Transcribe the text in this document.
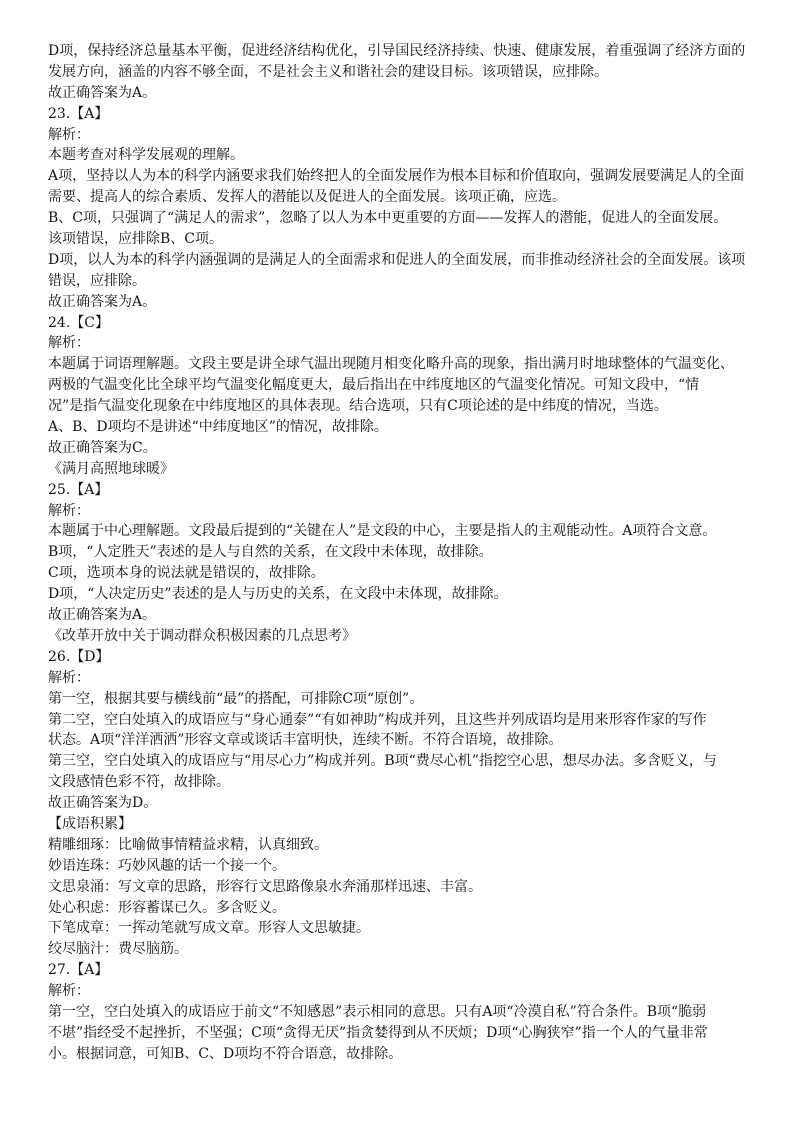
D项，保持经济总量基本平衡，促进经济结构优化，引导国民经济持续、快速、健康发展，着重强调了经济方面的
发展方向，涵盖的内容不够全面，不是社会主义和谐社会的建设目标。该项错误，应排除。
故正确答案为A。
23.【A】
解析：
本题考查对科学发展观的理解。
A项，坚持以人为本的科学内涵要求我们始终把人的全面发展作为根本目标和价值取向，强调发展要满足人的全面
需要、提高人的综合素质、发挥人的潜能以及促进人的全面发展。该项正确，应选。
B、C项，只强调了“满足人的需求”，忽略了以人为本中更重要的方面——发挥人的潜能，促进人的全面发展。
该项错误，应排除B、C项。
D项，以人为本的科学内涵强调的是满足人的全面需求和促进人的全面发展，而非推动经济社会的全面发展。该项
错误，应排除。
故正确答案为A。
24.【C】
解析：
本题属于词语理解题。文段主要是讲全球气温出现随月相变化略升高的现象，指出满月时地球整体的气温变化、
两极的气温变化比全球平均气温变化幅度更大，最后指出在中纬度地区的气温变化情况。可知文段中，“情
况”是指气温变化现象在中纬度地区的具体表现。结合选项，只有C项论述的是中纬度的情况，当选。
A、B、D项均不是讲述“中纬度地区”的情况，故排除。
故正确答案为C。
《满月高照地球暖》
25.【A】
解析：
本题属于中心理解题。文段最后提到的“关键在人”是文段的中心，主要是指人的主观能动性。A项符合文意。
B项，“人定胜天”表述的是人与自然的关系，在文段中未体现，故排除。
C项，选项本身的说法就是错误的，故排除。
D项，“人决定历史”表述的是人与历史的关系，在文段中未体现，故排除。
故正确答案为A。
《改革开放中关于调动群众积极因素的几点思考》
26.【D】
解析：
第一空，根据其要与横线前“最”的搭配，可排除C项“原创”。
第二空，空白处填入的成语应与“身心通泰”“有如神助”构成并列，且这些并列成语均是用来形容作家的写作
状态。A项“洋洋洒洒”形容文章或谈话丰富明快，连续不断。不符合语境，故排除。
第三空，空白处填入的成语应与“用尽心力”构成并列。B项“费尽心机”指挖空心思，想尽办法。多含贬义，与
文段感情色彩不符，故排除。
故正确答案为D。
【成语积累】
精雕细琢：比喻做事情精益求精，认真细致。
妙语连珠：巧妙风趣的话一个接一个。
文思泉涌：写文章的思路，形容行文思路像泉水奔涌那样迅速、丰富。
处心积虑：形容蓄谋已久。多含贬义。
下笔成章：一挥动笔就写成文章。形容人文思敏捷。
绞尽脑汁：费尽脑筋。
27.【A】
解析：
第一空，空白处填入的成语应于前文“不知感恩”表示相同的意思。只有A项“冷漠自私”符合条件。B项“脆弱
不堪”指经受不起挫折，不坚强；C项“贪得无厌”指贪婪得到从不厌烦；D项“心胸狭窄”指一个人的气量非常
小。根据词意，可知B、C、D项均不符合语意，故排除。
